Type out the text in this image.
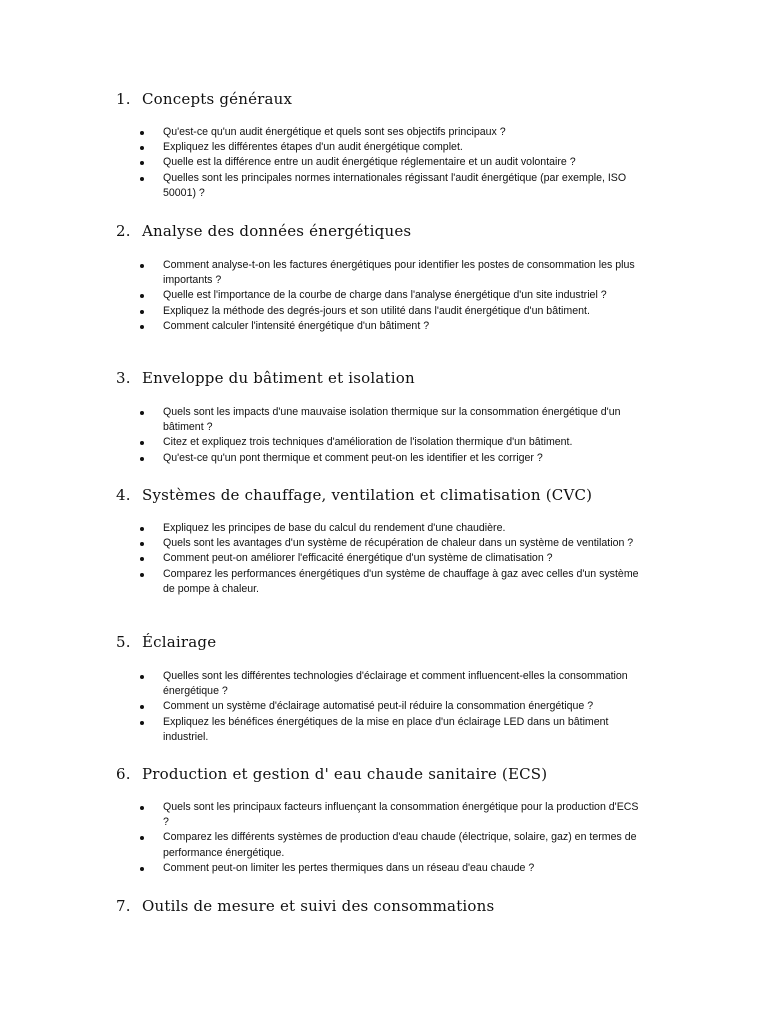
1. Concepts généraux
Qu'est-ce qu'un audit énergétique et quels sont ses objectifs principaux ?
Expliquez les différentes étapes d'un audit énergétique complet.
Quelle est la différence entre un audit énergétique réglementaire et un audit volontaire ?
Quelles sont les principales normes internationales régissant l'audit énergétique (par exemple, ISO 50001) ?
2. Analyse des données énergétiques
Comment analyse-t-on les factures énergétiques pour identifier les postes de consommation les plus importants ?
Quelle est l'importance de la courbe de charge dans l'analyse énergétique d'un site industriel ?
Expliquez la méthode des degrés-jours et son utilité dans l'audit énergétique d'un bâtiment.
Comment calculer l'intensité énergétique d'un bâtiment ?
3. Enveloppe du bâtiment et isolation
Quels sont les impacts d'une mauvaise isolation thermique sur la consommation énergétique d'un bâtiment ?
Citez et expliquez trois techniques d'amélioration de l'isolation thermique d'un bâtiment.
Qu'est-ce qu'un pont thermique et comment peut-on les identifier et les corriger ?
4. Systèmes de chauffage, ventilation et climatisation (CVC)
Expliquez les principes de base du calcul du rendement d'une chaudière.
Quels sont les avantages d'un système de récupération de chaleur dans un système de ventilation ?
Comment peut-on améliorer l'efficacité énergétique d'un système de climatisation ?
Comparez les performances énergétiques d'un système de chauffage à gaz avec celles d'un système de pompe à chaleur.
5. Éclairage
Quelles sont les différentes technologies d'éclairage et comment influencent-elles la consommation énergétique ?
Comment un système d'éclairage automatisé peut-il réduire la consommation énergétique ?
Expliquez les bénéfices énergétiques de la mise en place d'un éclairage LED dans un bâtiment industriel.
6. Production et gestion d' eau chaude sanitaire (ECS)
Quels sont les principaux facteurs influençant la consommation énergétique pour la production d'ECS ?
Comparez les différents systèmes de production d'eau chaude (électrique, solaire, gaz) en termes de performance énergétique.
Comment peut-on limiter les pertes thermiques dans un réseau d'eau chaude ?
7. Outils de mesure et suivi des consommations
